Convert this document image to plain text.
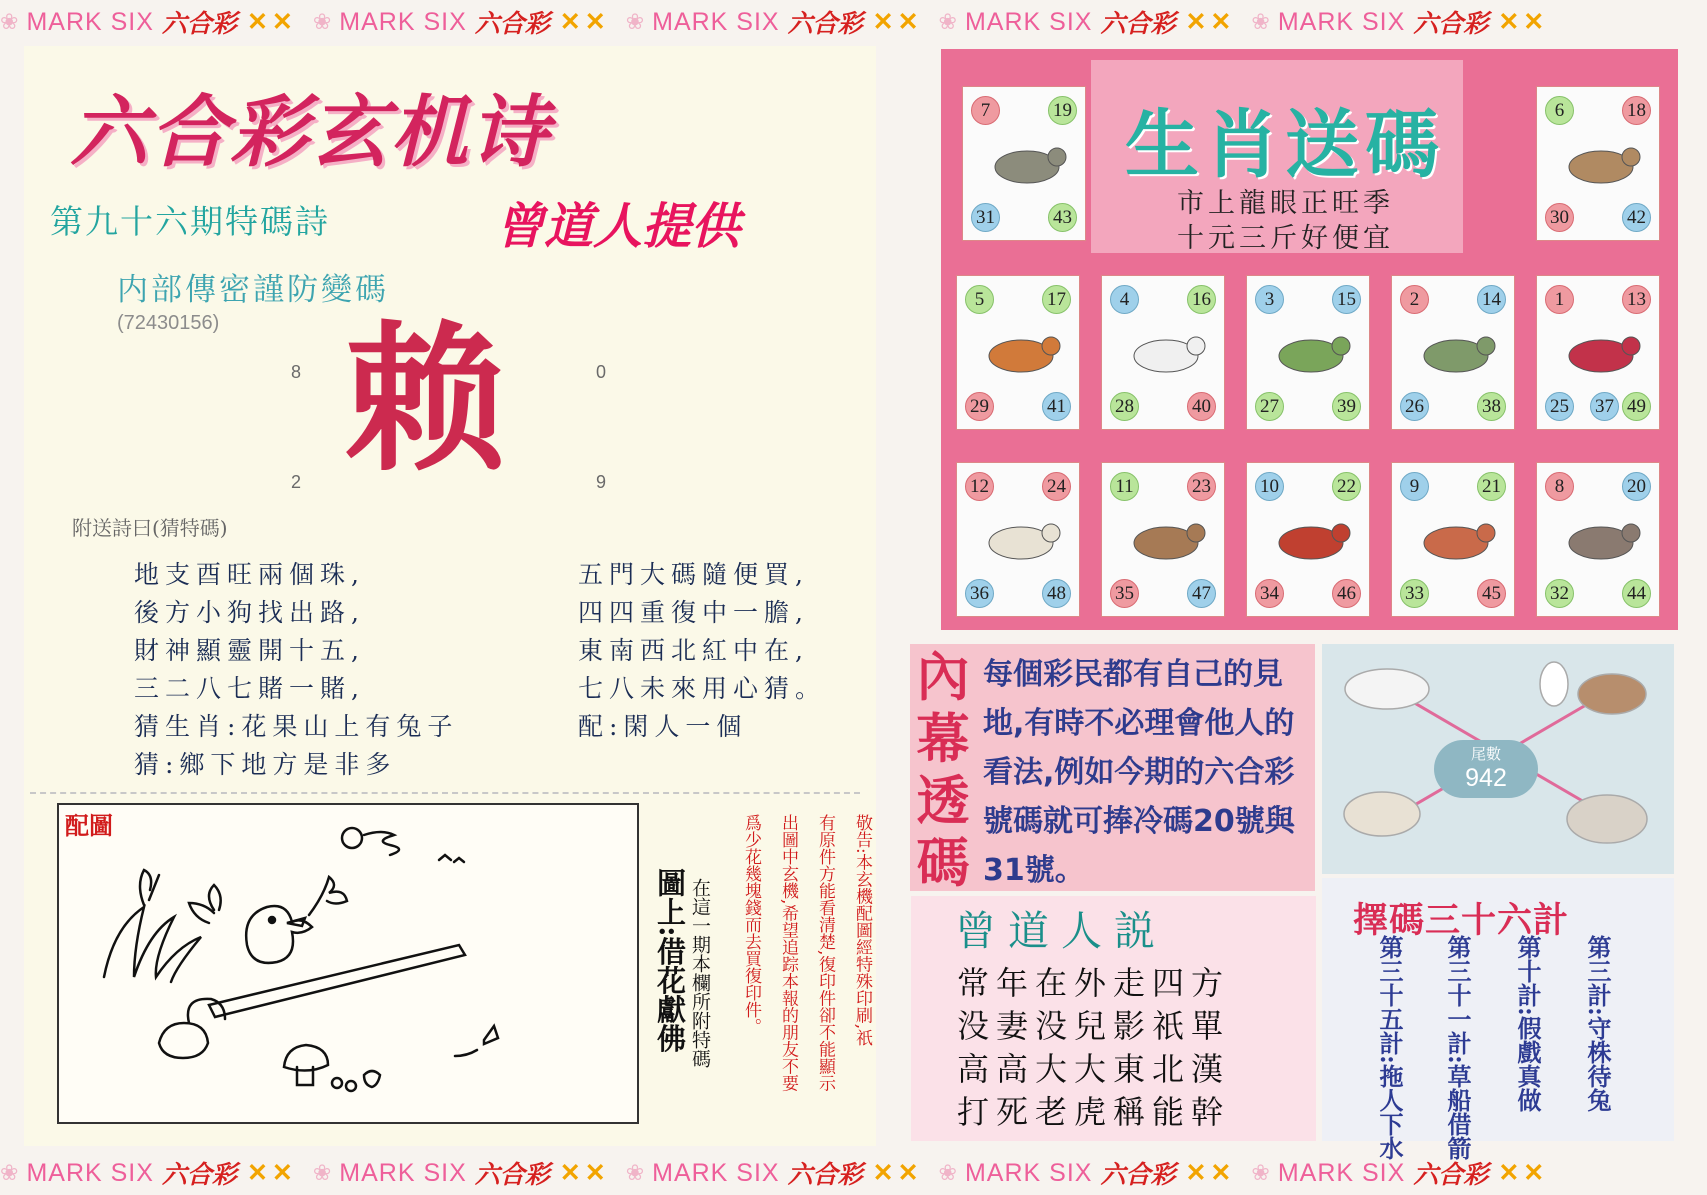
❀ MARK SIX 六合彩 ✕ ✕ ❀ MARK SIX 六合彩 ✕ ✕ ❀ MARK SIX 六合彩 ✕ ✕ ❀ MARK SIX 六合彩 ✕ ✕ ❀ MARK SIX 六合彩 ✕ ✕
❀ MARK SIX 六合彩 ✕ ✕ ❀ MARK SIX 六合彩 ✕ ✕ ❀ MARK SIX 六合彩 ✕ ✕ ❀ MARK SIX 六合彩 ✕ ✕ ❀ MARK SIX 六合彩 ✕ ✕
六合彩玄机诗
第九十六期特碼詩	曾道人提供
内部傳密謹防變碼
(72430156)
8	0
赖
2	9
附送詩曰(猜特碼)
地支酉旺兩個珠,
後方小狗找出路,
財神顯靈開十五,
三二八七賭一賭,
猜生肖:花果山上有兔子
猜:鄉下地方是非多
五門大碼隨便買,
四四重復中一膽,
東南西北紅中在,
七八未來用心猜。
配:閑人一個
配圖
圖上:借花獻佛 在這一期本欄所附特碼	敬告:本玄機配圖經特殊印刷,祇
有原件方能看清楚,復印件卻不能顯示
出圖中玄機,希望追踪本報的朋友不要
爲少花幾塊錢而去買復印件。
生肖送碼
市上龍眼正旺季
十元三斤好便宜
7	19
31	43
6	18
30	42
5	17
29	41
4	16
28	40
3	15
27	39
2	14
26	38
1	13
25 37 49
12	24
36	48
11	23
35	47
10	22
34	46
9	21
33	45
8	20
32	44
內幕透碼
每個彩民都有自己的見地,有時不必理會他人的看法,例如今期的六合彩號碼就可捧冷碼20號與31號。
尾數
942
曾道人説
常年在外走四方
没妻没兒影祇單
高高大大東北漢
打死老虎稱能幹
擇碼三十六計
第三計:守株待兔
第十計:假戲真做
第三十一計:草船借箭
第三十五計:拖人下水
